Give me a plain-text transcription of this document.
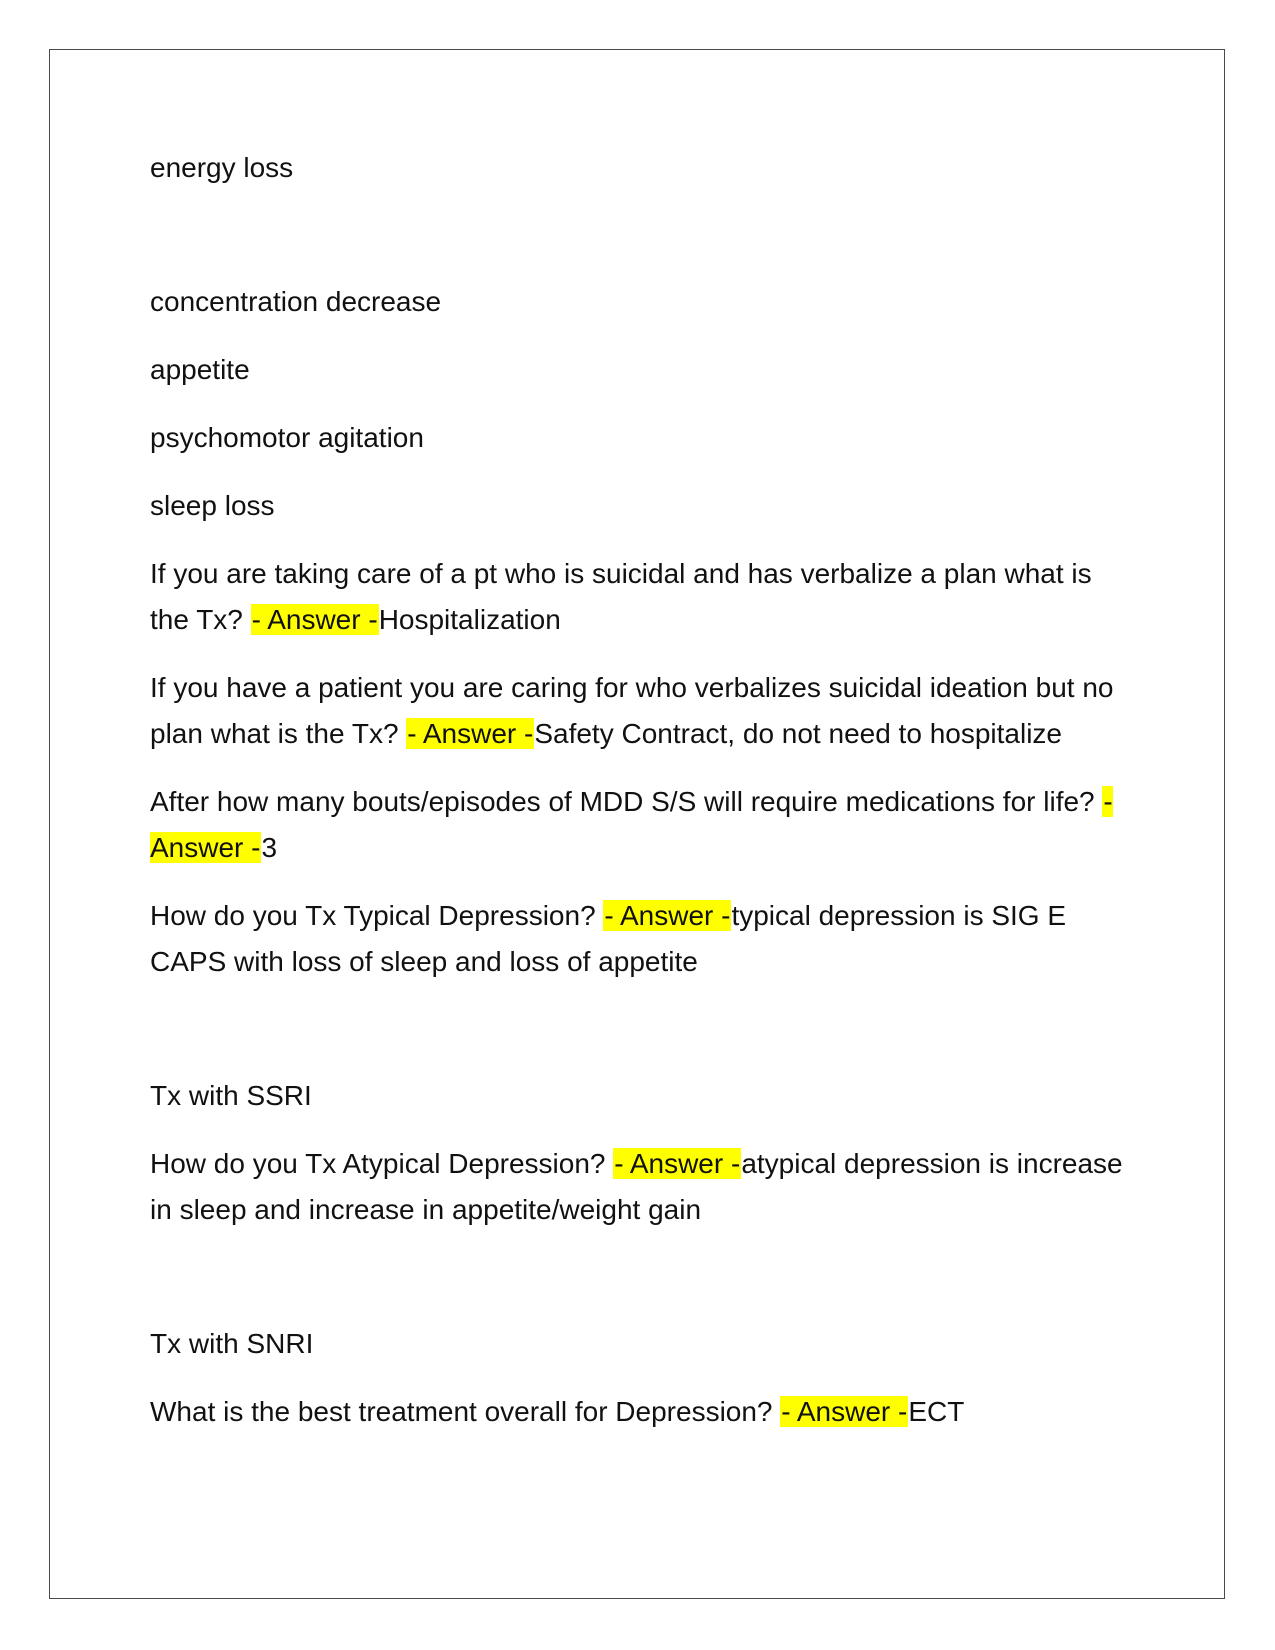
energy loss

concentration decrease

appetite

psychomotor agitation

sleep loss

If you are taking care of a pt who is suicidal and has verbalize a plan what is the Tx? - Answer -Hospitalization

If you have a patient you are caring for who verbalizes suicidal ideation but no plan what is the Tx? - Answer -Safety Contract, do not need to hospitalize

After how many bouts/episodes of MDD S/S will require medications for life? - Answer -3

How do you Tx Typical Depression? - Answer -typical depression is SIG E CAPS with loss of sleep and loss of appetite

Tx with SSRI

How do you Tx Atypical Depression? - Answer -atypical depression is increase in sleep and increase in appetite/weight gain

Tx with SNRI

What is the best treatment overall for Depression? - Answer -ECT
